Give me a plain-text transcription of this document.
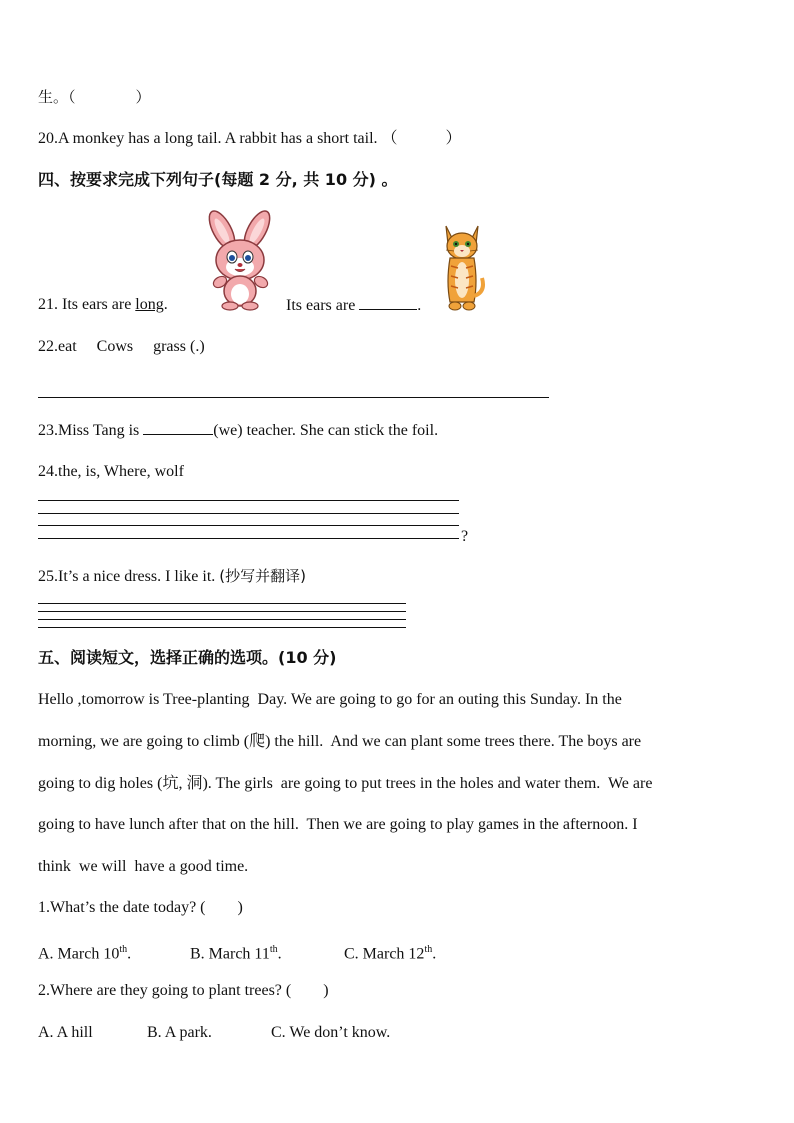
生。（　　　　）
20.A monkey has a long tail. A rabbit has a short tail. （　　　）
四、按要求完成下列句子(每题 2 分, 共 10 分) 。
21. Its ears are long.	Its ears are	.
22.eat     Cows     grass (.)
23.Miss Tang is	(we) teacher. She can stick the foil.
24.the, is, Where, wolf
?
25.It’s a nice dress. I like it. (抄写并翻译)
五、阅读短文，选择正确的选项。(10 分)
Hello ,tomorrow is Tree-planting  Day. We are going to go for an outing this Sunday. In the
morning, we are going to climb (爬) the hill.  And we can plant some trees there. The boys are
going to dig holes (坑, 洞). The girls  are going to put trees in the holes and water them.  We are
going to have lunch after that on the hill.  Then we are going to play games in the afternoon. I
think  we will  have a good time.
1.What’s the date today? (　　)
A. March 10th.	B. March 11th.	C. March 12th.
2.Where are they going to plant trees? (　　)
A. A hill	B. A park.	C. We don’t know.
